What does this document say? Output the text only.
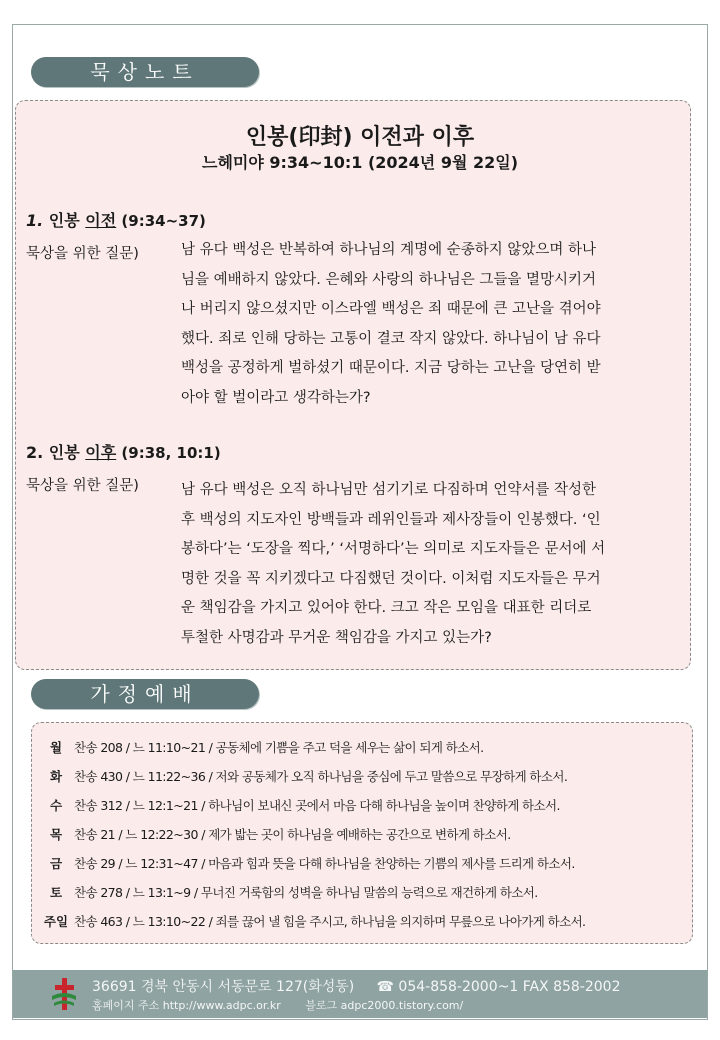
묵상노트
인봉(印封) 이전과 이후
느헤미야 9:34~10:1 (2024년 9월 22일)
1. 인봉 이전 (9:34~37)
묵상을 위한 질문)	남 유다 백성은 반복하여 하나님의 계명에 순종하지 않았으며 하나
님을 예배하지 않았다. 은혜와 사랑의 하나님은 그들을 멸망시키거
나 버리지 않으셨지만 이스라엘 백성은 죄 때문에 큰 고난을 겪어야
했다. 죄로 인해 당하는 고통이 결코 작지 않았다. 하나님이 남 유다
백성을 공정하게 벌하셨기 때문이다. 지금 당하는 고난을 당연히 받
아야 할 벌이라고 생각하는가?
2. 인봉 이후 (9:38, 10:1)
묵상을 위한 질문)	남 유다 백성은 오직 하나님만 섬기기로 다짐하며 언약서를 작성한
후 백성의 지도자인 방백들과 레위인들과 제사장들이 인봉했다. ‘인
봉하다’는 ‘도장을 찍다,’ ‘서명하다’는 의미로 지도자들은 문서에 서
명한 것을 꼭 지키겠다고 다짐했던 것이다. 이처럼 지도자들은 무거
운 책임감을 가지고 있어야 한다. 크고 작은 모임을 대표한 리더로
투철한 사명감과 무거운 책임감을 가지고 있는가?
가정예배
월 찬송 208 / 느 11:10~21 / 공동체에 기쁨을 주고 덕을 세우는 삶이 되게 하소서.
화 찬송 430 / 느 11:22~36 / 저와 공동체가 오직 하나님을 중심에 두고 말씀으로 무장하게 하소서.
수 찬송 312 / 느 12:1~21 / 하나님이 보내신 곳에서 마음 다해 하나님을 높이며 찬양하게 하소서.
목 찬송 21 / 느 12:22~30 / 제가 밟는 곳이 하나님을 예배하는 공간으로 변하게 하소서.
금 찬송 29 / 느 12:31~47 / 마음과 힘과 뜻을 다해 하나님을 찬양하는 기쁨의 제사를 드리게 하소서.
토 찬송 278 / 느 13:1~9 / 무너진 거룩함의 성벽을 하나님 말씀의 능력으로 재건하게 하소서.
주일 찬송 463 / 느 13:10~22 / 죄를 끊어 낼 힘을 주시고, 하나님을 의지하며 무릎으로 나아가게 하소서.
36691 경북 안동시 서동문로 127(화성동) ☎ 054-858-2000~1 FAX 858-2002
홈페이지 주소 http://www.adpc.or.kr 블로그 adpc2000.tistory.com/
